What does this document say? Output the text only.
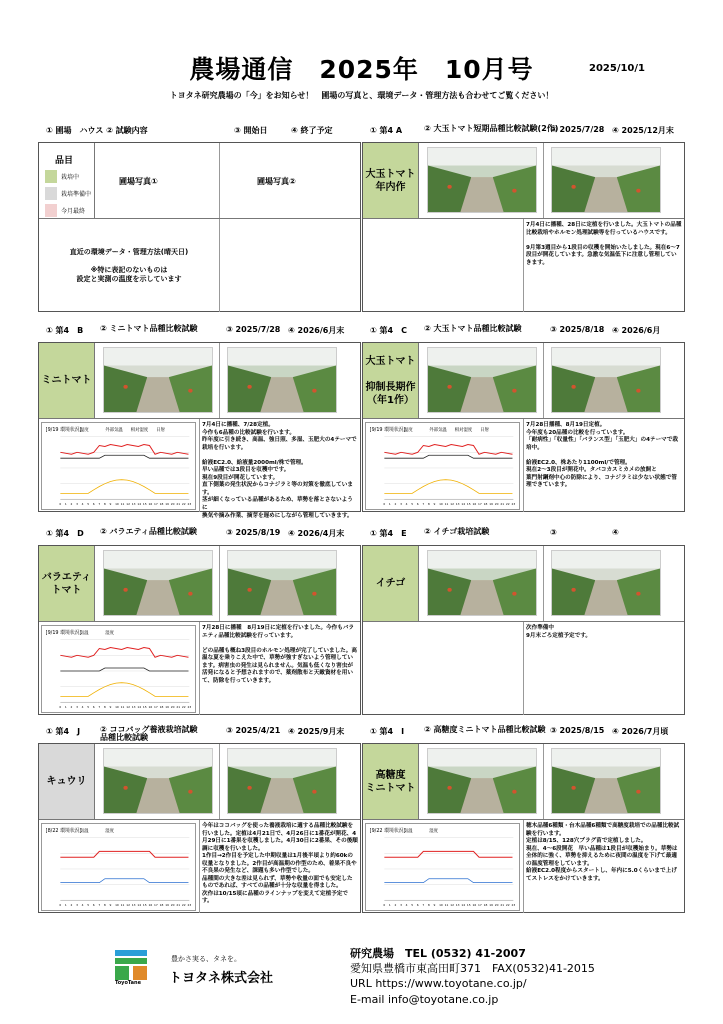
農場通信　2025年　10月号	2025/10/1
トヨタネ研究農場の「今」をお知らせ！　圃場の写真と、環境データ・管理方法も合わせてご覧ください！
① 圃場　ハウス ② 試験内容	③ 開始日	④ 終了予定
品目
栽培中
栽培準備中
今月最終
圃場写真①	圃場写真②
直近の環境データ・管理方法(晴天日)

※特に表記のないものは
設定と実測の温度を示しています
① 第4 A	② 大玉トマト短期品種比較試験(2作)
③ 2025/7/28 ④ 2025/12月末
大玉トマト
年内作
7月4日に播種、28日に定植を行いました。大玉トマトの品種比較栽培やホルモン処理試験等を行っているハウスです。

9月第3週目から1段目の収穫を開始いたしました。現在6〜7段目が開花しています。急激な気温低下に注意し管理していきます。
① 第4　B ② ミニトマト品種比較試験	③ 2025/7/28 ④ 2026/6月末
ミニトマト
[9/19 環境状況]
温度	外部気温 相対湿度 日射
0 1 2 3 4 5 6 7 8 9 10 11 12 13 14 15 16 17 18 19 20 21 22 23
7月4日に播種、7/28定植。
今作も6品種の比較試験を行います。
昨年度に引き続き、高温、強日照、多湿、玉肥大の4テーマで栽培を行います。

給液EC2.0、給液量2000ml/株で管理。
早い品種では3段目を収穫中です。
現在9段目が開花しています。
直下側葉の発生状況からコナジラミ等の対策を徹底しています。
茎が細くなっている品種があるため、草勢を落とさないように
換気や摘み作業、摘芽を遅めにしながら管理していきます。
① 第4　C ② 大玉トマト品種比較試験	③ 2025/8/18 ④ 2026/6月
大玉トマト

抑制長期作
（年1作）
[9/19 環境状況]
温度	外部気温 相対湿度 日射
0 1 2 3 4 5 6 7 8 9 10 11 12 13 14 15 16 17 18 19 20 21 22 23
7月28日播種、8月19日定植。
今年度も20品種の比較を行っています。
「耐病性」「収量性」「バランス型」「玉肥大」の4テーマで栽培中。

給液EC2.0、株あたり1100ml/で管理。
現在2〜3段目が開花中。タバコカスミカメの放飼と
葉門射鋼剤中心の防除により、コナジラミは少ない状態で管理できています。
① 第4　D ② バラエティ品種比較試験	③ 2025/8/19 ④ 2026/4月末
バラエティ
トマト
[9/19 環境状況]
気温	湿度
0 1 2 3 4 5 6 7 8 9 10 11 12 13 14 15 16 17 18 19 20 21 22 23
7月28日に播種　8月19日に定植を行いました。今作もバラエティ品種比較試験を行っています。

どの品種も概ね3段目のホルモン処理が完了していました。高温な夏を乗りこえた中で、草勢が強すぎないよう管理しています。病害虫の発生は見られません。気温も低くなり害虫が活発になると予想されますので、薬剤散布と天敵資材を用いて、防除を行っていきます。
① 第4　E ② イチゴ栽培試験	③	④
イチゴ
次作準備中
9月末ごろ定植予定です。
① 第4　J ② ココバッグ養液栽培試験
品種比較試験
③ 2025/4/21 ④ 2025/9月末
キュウリ
[8/22 環境状況]
気温	湿度
0 1 2 3 4 5 6 7 8 9 10 11 12 13 14 15 16 17 18 19 20 21 22 23
今年はココバッグを使った養液栽培に適する品種比較試験を行いました。定植は4月21日で、4月26日に1番花が開花、4月29日に1番果を収穫しました。4月30日に2番果、その後順調に収穫を行いました。
1作目→2作目を予定した中期収量は1月後半頃より約60kの収量となりました。2作目が高温期の作型のため、着果不良や不良果の発生など、課題も多い作型でした。
品種間の大きな差は見られず、草勢や收量の面でも安定したものであれば、すべての品種が十分な収量を得ました。
次作は10/15頃に品種のラインナップを変えて定植予定です。
① 第4　I ② 高糖度ミニトマト品種比較試験 ③ 2025/8/15 ④ 2026/7月頃
高糖度
ミニトマト
[9/22 環境状況]
気温	湿度
0 1 2 3 4 5 6 7 8 9 10 11 12 13 14 15 16 17 18 19 20 21 22 23
穂木品種6種類・台木品種6種類で高糖度栽培での品種比較試験を行います。
定植は8/15、128穴プラグ苗で定植しました。
現在、4〜6段開花　早い品種は1段目が収穫始まり。草勢は全体的に強く、草勢を抑えるために夜間の温度を下げて最適の温度管理をしています。
給液EC2.0程度からスタートし、年内に5.0くらいまで上げてストレスをかけていきます。
ToyoTane
豊かさ実る、タネを。
トヨタネ株式会社
研究農場　 TEL (0532) 41-2007
愛知県豊橋市東高田町371　FAX(0532)41-2015
URL https://www.toyotane.co.jp/
E-mail info@toyotane.co.jp
